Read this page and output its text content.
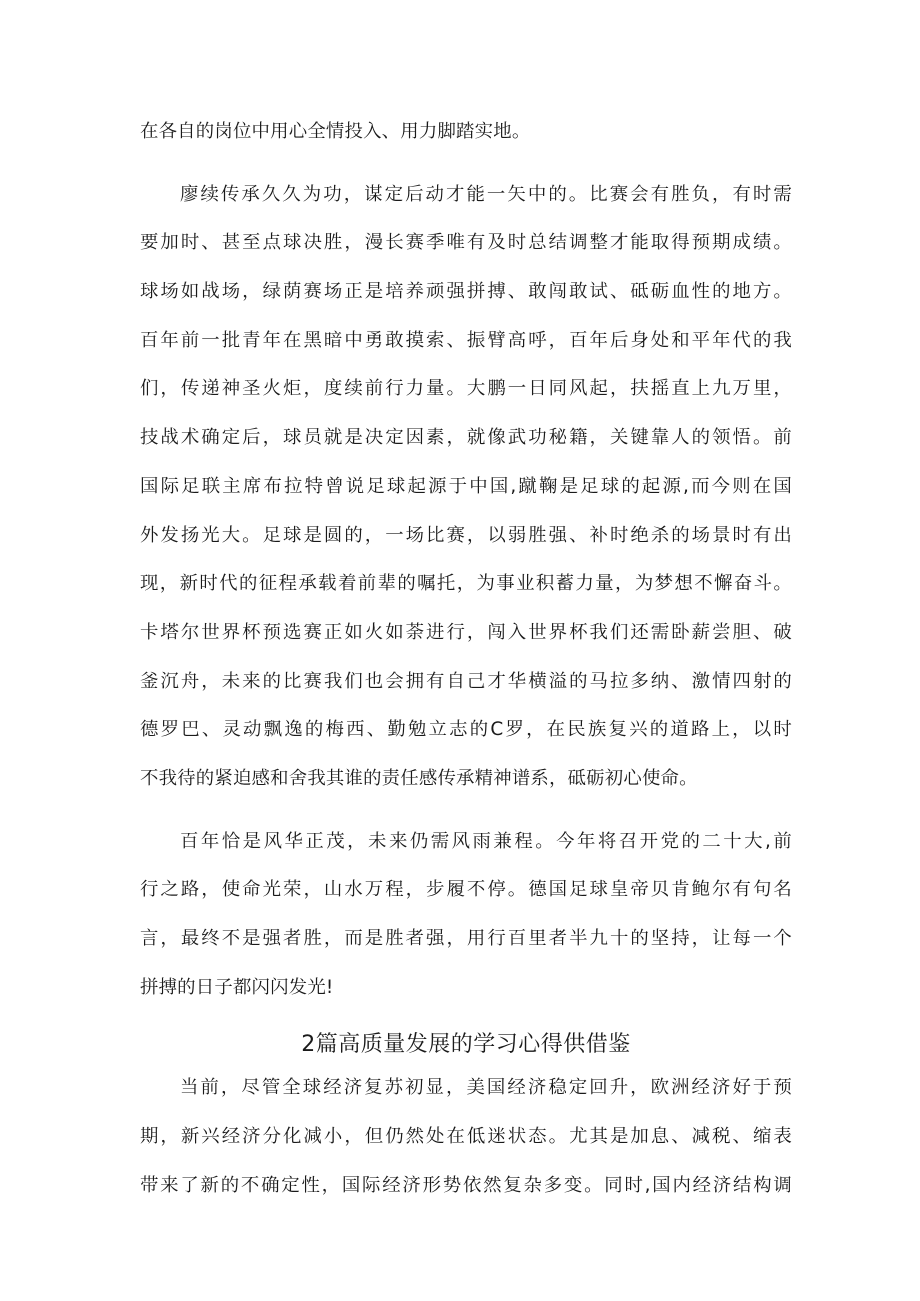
在各自的岗位中用心全情投入、用力脚踏实地。
廖续传承久久为功，谋定后动才能一矢中的。比赛会有胜负，有时需
要加时、甚至点球决胜，漫长赛季唯有及时总结调整才能取得预期成绩。
球场如战场，绿荫赛场正是培养顽强拼搏、敢闯敢试、砥砺血性的地方。
百年前一批青年在黑暗中勇敢摸索、振臂高呼，百年后身处和平年代的我
们，传递神圣火炬，度续前行力量。大鹏一日同风起，扶摇直上九万里，
技战术确定后，球员就是决定因素，就像武功秘籍，关键靠人的领悟。前
国际足联主席布拉特曾说足球起源于中国,蹴鞠是足球的起源,而今则在国
外发扬光大。足球是圆的，一场比赛，以弱胜强、补时绝杀的场景时有出
现，新时代的征程承载着前辈的嘱托，为事业积蓄力量，为梦想不懈奋斗。
卡塔尔世界杯预选赛正如火如荼进行，闯入世界杯我们还需卧薪尝胆、破
釜沉舟，未来的比赛我们也会拥有自己才华横溢的马拉多纳、激情四射的
德罗巴、灵动飘逸的梅西、勤勉立志的C罗，在民族复兴的道路上，以时
不我待的紧迫感和舍我其谁的责任感传承精神谱系，砥砺初心使命。
百年恰是风华正茂，未来仍需风雨兼程。今年将召开党的二十大,前
行之路，使命光荣，山水万程，步履不停。德国足球皇帝贝肯鲍尔有句名
言，最终不是强者胜，而是胜者强，用行百里者半九十的坚持，让每一个
拼搏的日子都闪闪发光!
2篇高质量发展的学习心得供借鉴
当前，尽管全球经济复苏初显，美国经济稳定回升，欧洲经济好于预
期，新兴经济分化减小，但仍然处在低迷状态。尤其是加息、减税、缩表
带来了新的不确定性，国际经济形势依然复杂多变。同时,国内经济结构调
